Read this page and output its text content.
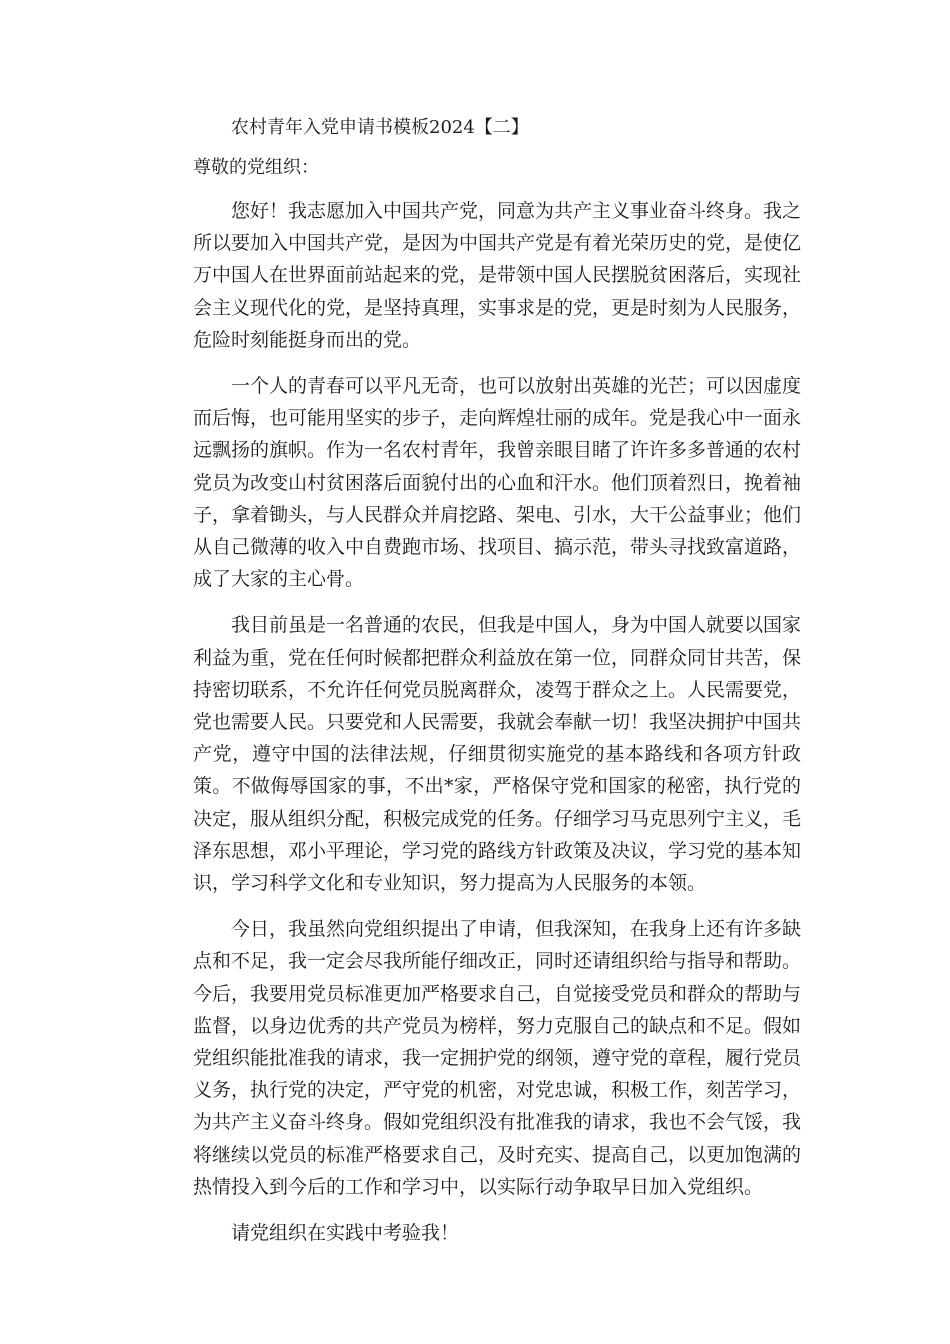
农村青年入党申请书模板2024【二】

尊敬的党组织：

您好！我志愿加入中国共产党，同意为共产主义事业奋斗终身。我之所以要加入中国共产党，是因为中国共产党是有着光荣历史的党，是使亿万中国人在世界面前站起来的党，是带领中国人民摆脱贫困落后，实现社会主义现代化的党，是坚持真理，实事求是的党，更是时刻为人民服务，危险时刻能挺身而出的党。

一个人的青春可以平凡无奇，也可以放射出英雄的光芒；可以因虚度而后悔，也可能用坚实的步子，走向辉煌壮丽的成年。党是我心中一面永远飘扬的旗帜。作为一名农村青年，我曾亲眼目睹了许许多多普通的农村党员为改变山村贫困落后面貌付出的心血和汗水。他们顶着烈日，挽着袖子，拿着锄头，与人民群众并肩挖路、架电、引水，大干公益事业；他们从自己微薄的收入中自费跑市场、找项目、搞示范，带头寻找致富道路，成了大家的主心骨。

我目前虽是一名普通的农民，但我是中国人，身为中国人就要以国家利益为重，党在任何时候都把群众利益放在第一位，同群众同甘共苦，保持密切联系，不允许任何党员脱离群众，凌驾于群众之上。人民需要党，党也需要人民。只要党和人民需要，我就会奉献一切！我坚决拥护中国共产党，遵守中国的法律法规，仔细贯彻实施党的基本路线和各项方针政策。不做侮辱国家的事，不出*家，严格保守党和国家的秘密，执行党的决定，服从组织分配，积极完成党的任务。仔细学习马克思列宁主义，毛泽东思想，邓小平理论，学习党的路线方针政策及决议，学习党的基本知识，学习科学文化和专业知识，努力提高为人民服务的本领。

今日，我虽然向党组织提出了申请，但我深知，在我身上还有许多缺点和不足，我一定会尽我所能仔细改正，同时还请组织给与指导和帮助。今后，我要用党员标准更加严格要求自己，自觉接受党员和群众的帮助与监督，以身边优秀的共产党员为榜样，努力克服自己的缺点和不足。假如党组织能批准我的请求，我一定拥护党的纲领，遵守党的章程，履行党员义务，执行党的决定，严守党的机密，对党忠诚，积极工作，刻苦学习，为共产主义奋斗终身。假如党组织没有批准我的请求，我也不会气馁，我将继续以党员的标准严格要求自己，及时充实、提高自己，以更加饱满的热情投入到今后的工作和学习中，以实际行动争取早日加入党组织。

请党组织在实践中考验我！
